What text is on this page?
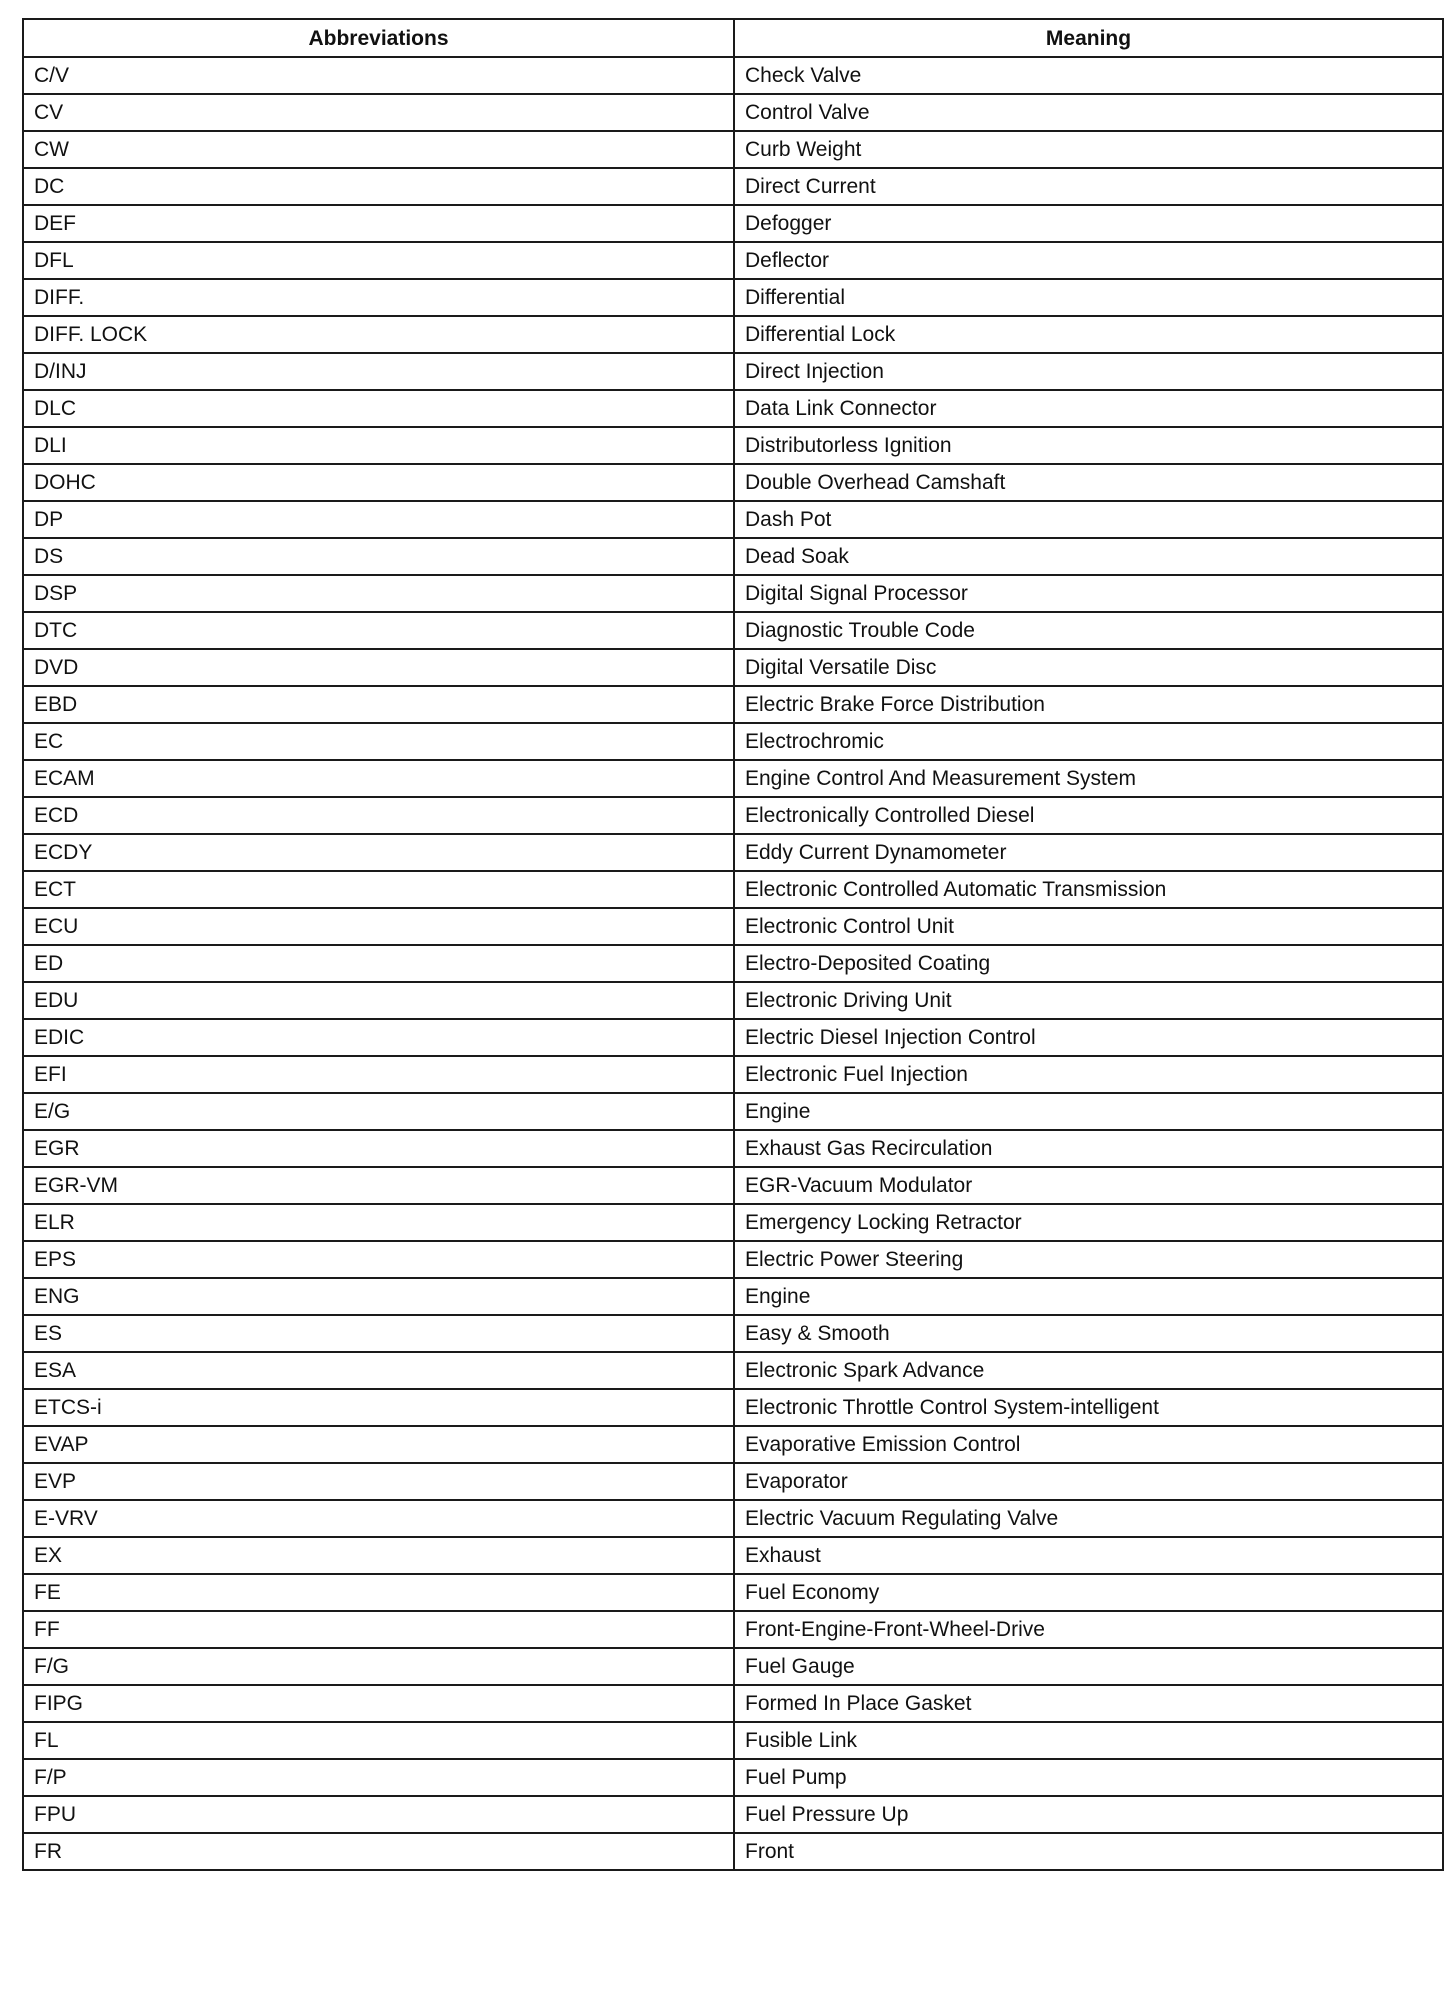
Abbreviations	Meaning
C/V	Check Valve
CV	Control Valve
CW	Curb Weight
DC	Direct Current
DEF	Defogger
DFL	Deflector
DIFF.	Differential
DIFF. LOCK	Differential Lock
D/INJ	Direct Injection
DLC	Data Link Connector
DLI	Distributorless Ignition
DOHC	Double Overhead Camshaft
DP	Dash Pot
DS	Dead Soak
DSP	Digital Signal Processor
DTC	Diagnostic Trouble Code
DVD	Digital Versatile Disc
EBD	Electric Brake Force Distribution
EC	Electrochromic
ECAM	Engine Control And Measurement System
ECD	Electronically Controlled Diesel
ECDY	Eddy Current Dynamometer
ECT	Electronic Controlled Automatic Transmission
ECU	Electronic Control Unit
ED	Electro-Deposited Coating
EDU	Electronic Driving Unit
EDIC	Electric Diesel Injection Control
EFI	Electronic Fuel Injection
E/G	Engine
EGR	Exhaust Gas Recirculation
EGR-VM	EGR-Vacuum Modulator
ELR	Emergency Locking Retractor
EPS	Electric Power Steering
ENG	Engine
ES	Easy & Smooth
ESA	Electronic Spark Advance
ETCS-i	Electronic Throttle Control System-intelligent
EVAP	Evaporative Emission Control
EVP	Evaporator
E-VRV	Electric Vacuum Regulating Valve
EX	Exhaust
FE	Fuel Economy
FF	Front-Engine-Front-Wheel-Drive
F/G	Fuel Gauge
FIPG	Formed In Place Gasket
FL	Fusible Link
F/P	Fuel Pump
FPU	Fuel Pressure Up
FR	Front
